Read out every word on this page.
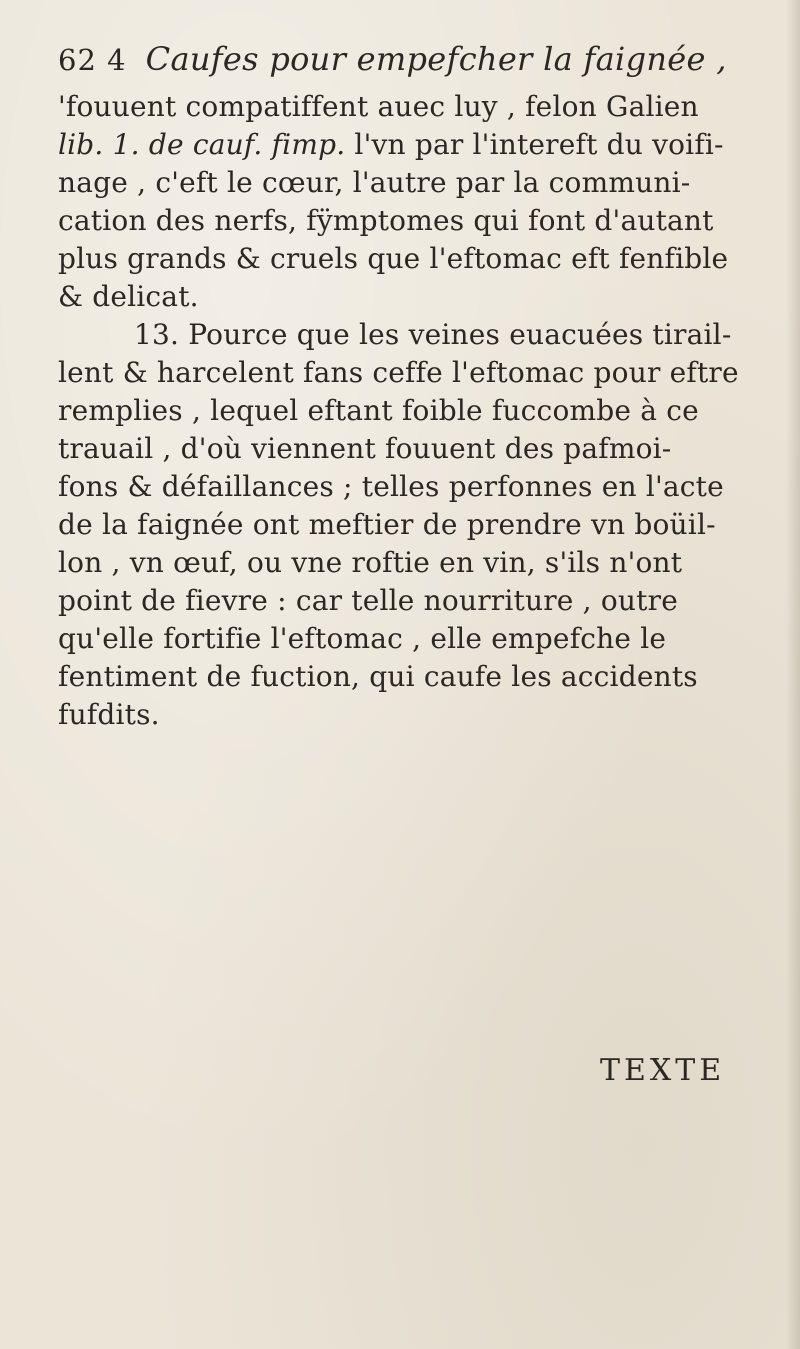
62 4 Caufes pour empefcher la faignée ,
'fouuent compatiffent auec luy , felon Galien
lib. 1. de cauf. fimp. l'vn par l'intereft du voifi-
nage , c'eft le cœur, l'autre par la communi-
cation des nerfs, fÿmptomes qui font d'autant
plus grands & cruels que l'eftomac eft fenfible
& delicat.
13. Pource que les veines euacuées tirail-
lent & harcelent fans ceffe l'eftomac pour eftre
remplies , lequel eftant foible fuccombe à ce
trauail , d'où viennent fouuent des pafmoi-
fons & défaillances ; telles perfonnes en l'acte
de la faignée ont meftier de prendre vn boüil-
lon , vn œuf, ou vne roftie en vin, s'ils n'ont
point de fievre : car telle nourriture , outre
qu'elle fortifie l'eftomac , elle empefche le
fentiment de fuction, qui caufe les accidents
fufdits.
TEXTE
